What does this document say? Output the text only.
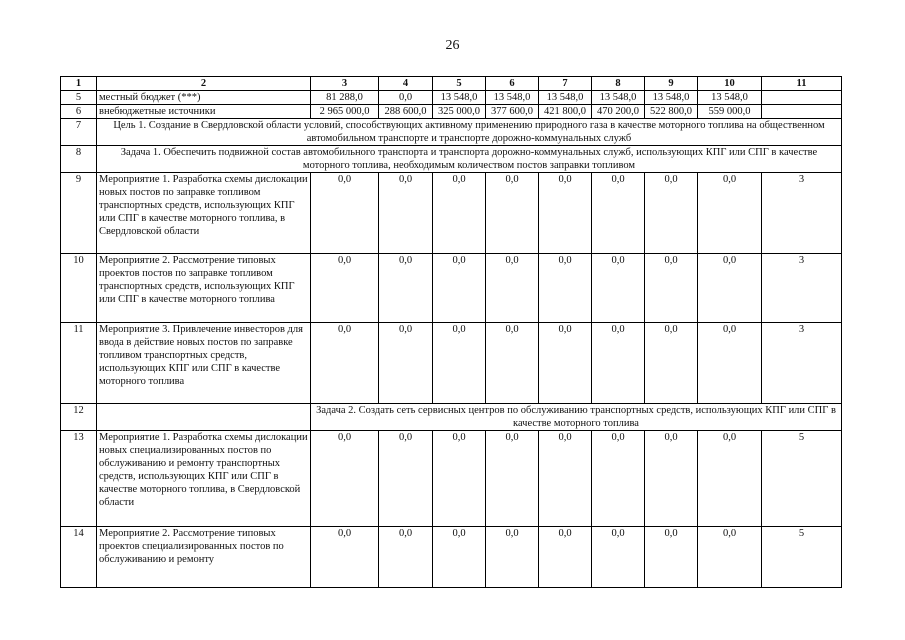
26
1	2	3	4	5	6	7	8	9	10	11
5	местный бюджет (***)	81 288,0	0,0	13 548,0	13 548,0	13 548,0	13 548,0	13 548,0	13 548,0	
6	внебюджетные источники	2 965 000,0	288 600,0	325 000,0	377 600,0	421 800,0	470 200,0	522 800,0	559 000,0	
7	Цель 1. Создание в Свердловской области условий, способствующих активному применению природного газа в качестве моторного топлива на общественном автомобильном транспорте и транспорте дорожно-коммунальных служб									
8	Задача 1. Обеспечить подвижной состав автомобильного транспорта и транспорта дорожно-коммунальных служб, использующих КПГ или СПГ в качестве моторного топлива, необходимым количеством постов заправки топливом									
9	Мероприятие 1. Разработка схемы дислокации новых постов по заправке топливом транспортных средств, использующих КПГ или СПГ в качестве моторного топлива, в Свердловской области	0,0	0,0	0,0	0,0	0,0	0,0	0,0	0,0	3
10	Мероприятие 2. Рассмотрение типовых проектов постов по заправке топливом транспортных средств, использующих КПГ или СПГ в качестве моторного топлива	0,0	0,0	0,0	0,0	0,0	0,0	0,0	0,0	3
11	Мероприятие 3. Привлечение инвесторов для ввода в действие новых постов по заправке топливом транспортных средств, использующих КПГ или СПГ в качестве моторного топлива	0,0	0,0	0,0	0,0	0,0	0,0	0,0	0,0	3
12		Задача 2. Создать сеть сервисных центров по обслуживанию транспортных средств, использующих КПГ или СПГ в качестве моторного топлива								
13	Мероприятие 1. Разработка схемы дислокации новых специализированных постов по обслуживанию и ремонту транспортных средств, использующих КПГ или СПГ в качестве моторного топлива, в Свердловской области	0,0	0,0	0,0	0,0	0,0	0,0	0,0	0,0	5
14	Мероприятие 2. Рассмотрение типовых проектов специализированных постов по обслуживанию и ремонту	0,0	0,0	0,0	0,0	0,0	0,0	0,0	0,0	5
